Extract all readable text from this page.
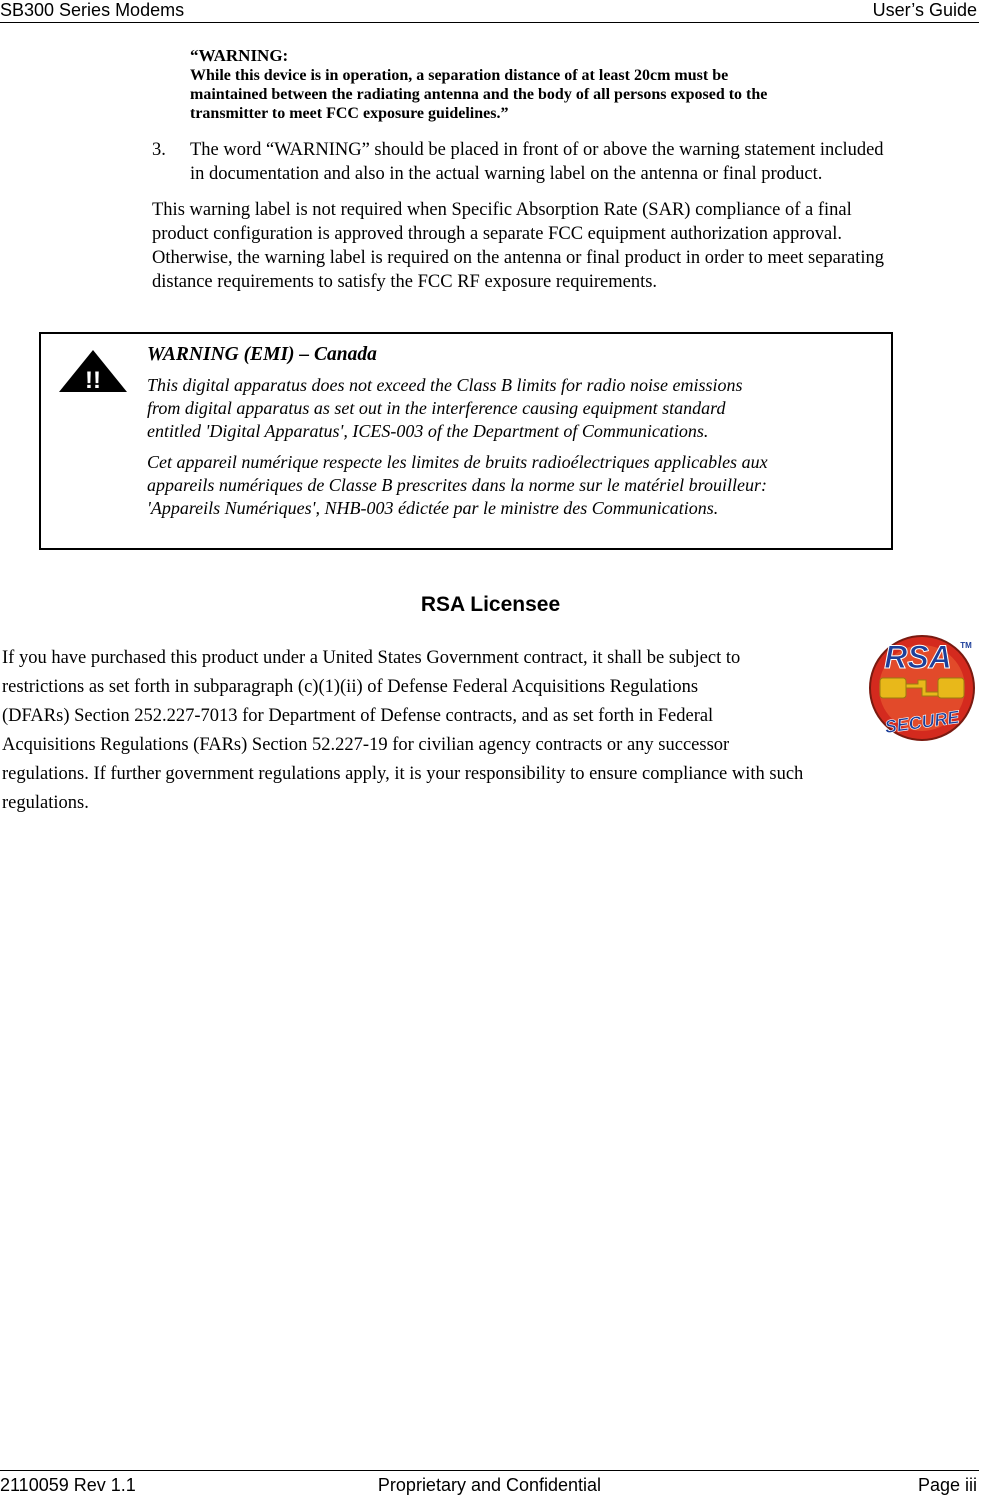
SB300 Series Modems	User’s Guide
“WARNING:
While this device is in operation, a separation distance of at least 20cm must be
maintained between the radiating antenna and the body of all persons exposed to the
transmitter to meet FCC exposure guidelines.”
3. The word “WARNING” should be placed in front of or above the warning statement included
in documentation and also in the actual warning label on the antenna or final product.
This warning label is not required when Specific Absorption Rate (SAR) compliance of a final
product configuration is approved through a separate FCC equipment authorization approval.
Otherwise, the warning label is required on the antenna or final product in order to meet separating
distance requirements to satisfy the FCC RF exposure requirements.
!!
WARNING (EMI) – Canada

This digital apparatus does not exceed the Class B limits for radio noise emissions
from digital apparatus as set out in the interference causing equipment standard
entitled 'Digital Apparatus', ICES-003 of the Department of Communications.

Cet appareil numérique respecte les limites de bruits radioélectriques applicables aux
appareils numériques de Classe B prescrites dans la norme sur le matériel brouilleur:
'Appareils Numériques', NHB-003 édictée par le ministre des Communications.

RSA Licensee
RSA TM
SECURE
If you have purchased this product under a United States Government contract, it shall be subject to
restrictions as set forth in subparagraph (c)(1)(ii) of Defense Federal Acquisitions Regulations
(DFARs) Section 252.227-7013 for Department of Defense contracts, and as set forth in Federal
Acquisitions Regulations (FARs) Section 52.227-19 for civilian agency contracts or any successor
regulations. If further government regulations apply, it is your responsibility to ensure compliance with such
regulations.
2110059 Rev 1.1	Proprietary and Confidential	Page iii
